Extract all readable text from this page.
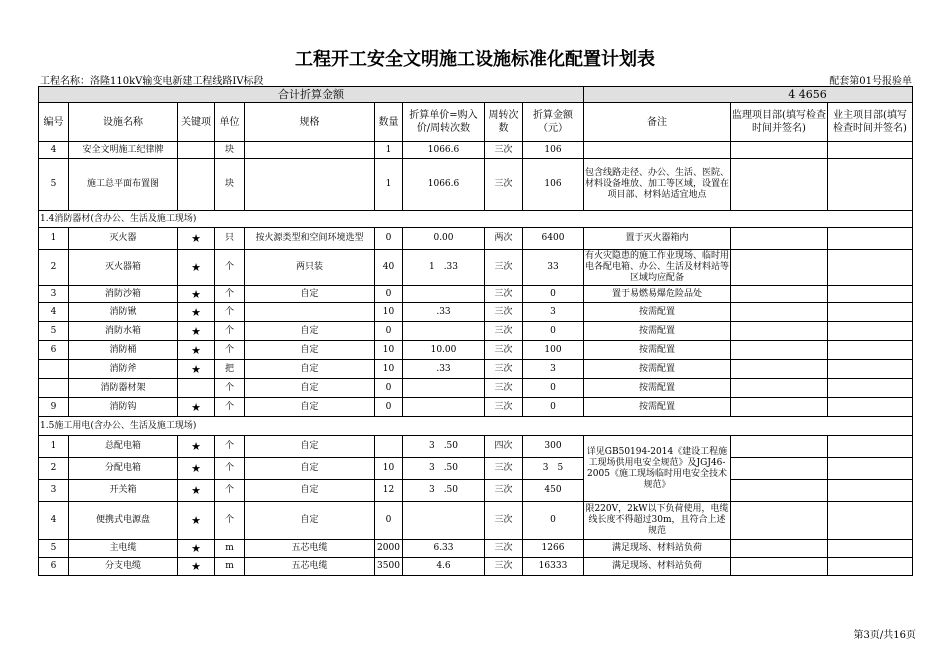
工程开工安全文明施工设施标准化配置计划表
工程名称：洛隆110kV输变电新建工程线路IV标段	配套第01号报验单
合计折算金额									4 4656		
编号	设施名称	关键项	单位	规格	数量	折算单价=购入价/周转次数	周转次数	折算金额（元）	备注	监理项目部(填写检查时间并签名)	业主项目部(填写检查时间并签名)
4	安全文明施工纪律牌		块		1	1066.6	三次	106			
5	施工总平面布置图		块		1	1066.6	三次	106	包含线路走径、办公、生活、医院、 材料设备堆放、加工等区域，设置在项目部、材料站适宜地点		
1.4消防器材(含办公、生活及施工现场)											
1	灭火器	★	只	按火源类型和空间环境选型	0	0.00	两次	6400	置于灭火器箱内		
2	灭火器箱	★	个	两只装	40	1　.33	三次	33	有火灾隐患的施工作业现场、临时用电各配电箱、办公、生活及材料站等区域均应配备		
3	消防沙箱	★	个	自定	0		三次	0	置于易燃易爆危险品处		
4	消防锹	★	个		10	.33	三次	3	按需配置		
5	消防水箱	★	个	自定	0		三次	0	按需配置		
6	消防桶	★	个	自定	10	10.00	三次	100	按需配置		
	消防斧	★	把	自定	10	.33	三次	3	按需配置		
	消防器材架		个	自定	0		三次	0	按需配置		
9	消防钩	★	个	自定	0		三次	0	按需配置		
1.5施工用电(含办公、生活及施工现场)											
1	总配电箱	★	个	自定		3　.50	四次	300	详见GB50194-2014《建设工程施工现场供用电安全规范》及JGJ46-2005《施工现场临时用电安全技术规范》		
2	分配电箱	★	个	自定	10	3　.50	三次	3　5			
3	开关箱	★	个	自定	12	3　.50	三次	450			
4	便携式电源盘	★	个	自定	0		三次	0	限220V，2kW以下负荷使用，电缆线长度不得超过30m，且符合上述规范		
5	主电缆	★	m	五芯电缆	2000	6.33	三次	1266	满足现场、材料站负荷		
6	分支电缆	★	m	五芯电缆	3500	4.6	三次	16333	满足现场、材料站负荷		
第3页/共16页
